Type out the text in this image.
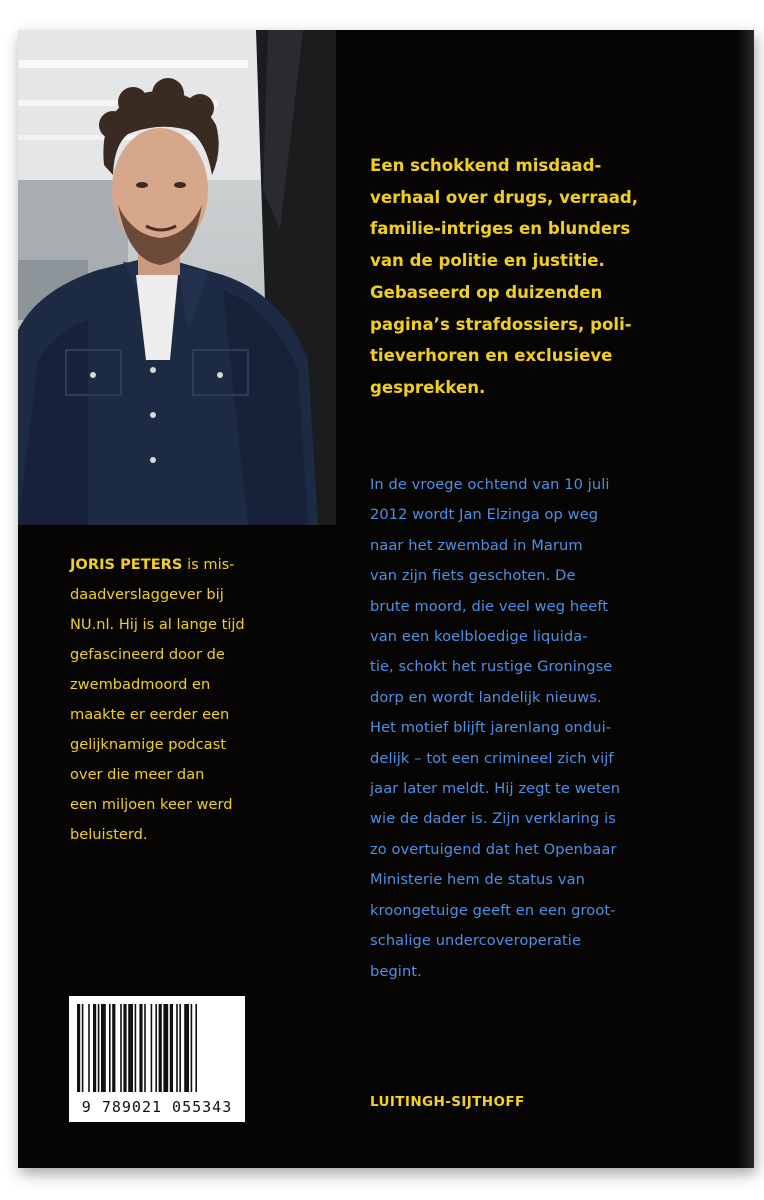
Een schokkend misdaad-
verhaal over drugs, verraad,
familie-intriges en blunders
van de politie en justitie.
Gebaseerd op duizenden
pagina’s strafdossiers, poli-
tieverhoren en exclusieve
gesprekken.

In de vroege ochtend van 10 juli
2012 wordt Jan Elzinga op weg
naar het zwembad in Marum
van zijn fiets geschoten. De
brute moord, die veel weg heeft
van een koelbloedige liquida-
tie, schokt het rustige Groningse
dorp en wordt landelijk nieuws.
Het motief blijft jarenlang ondui-
delijk – tot een crimineel zich vijf
jaar later meldt. Hij zegt te weten
wie de dader is. Zijn verklaring is
zo overtuigend dat het Openbaar
Ministerie hem de status van
kroongetuige geeft en een groot-
schalige undercoveroperatie
begint.

JORIS PETERS is mis-
daadverslaggever bij
NU.nl. Hij is al lange tijd
gefascineerd door de
zwembadmoord en
maakte er eerder een
gelijknamige podcast
over die meer dan
een miljoen keer werd
beluisterd.

9 789021 055343	LUITINGH-SIJTHOFF
